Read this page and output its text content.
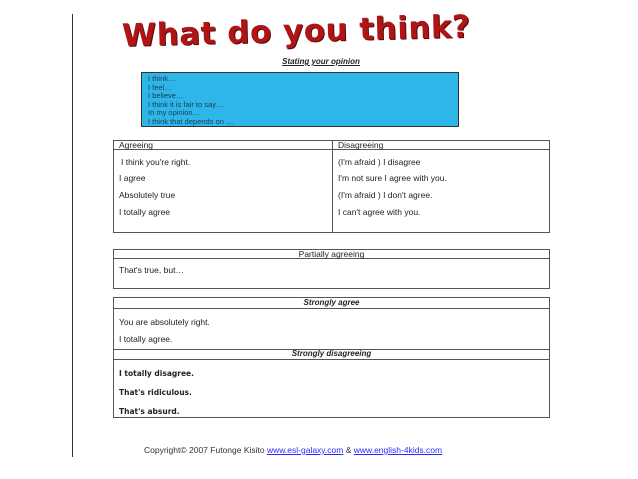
What do you think?
Stating your opinion
I think…
I feel…
I believe…
I think it is fair to say…
In my opinion…
I think that depends on …
Agreeing	Disagreeing
I think you're right.
I agree
Absolutely true
I totally agree
(I'm afraid ) I disagree
I'm not sure I agree with you.
(I'm afraid ) I don't agree.
I can't agree with you.
Partially agreeing
That's true, but…
Strongly agree
You are absolutely right.
I totally agree.
Strongly disagreeing
I totally disagree.
That's ridiculous.
That's absurd.
Copyright© 2007 Futonge Kisito www.esl-galaxy.com & www.english-4kids.com
